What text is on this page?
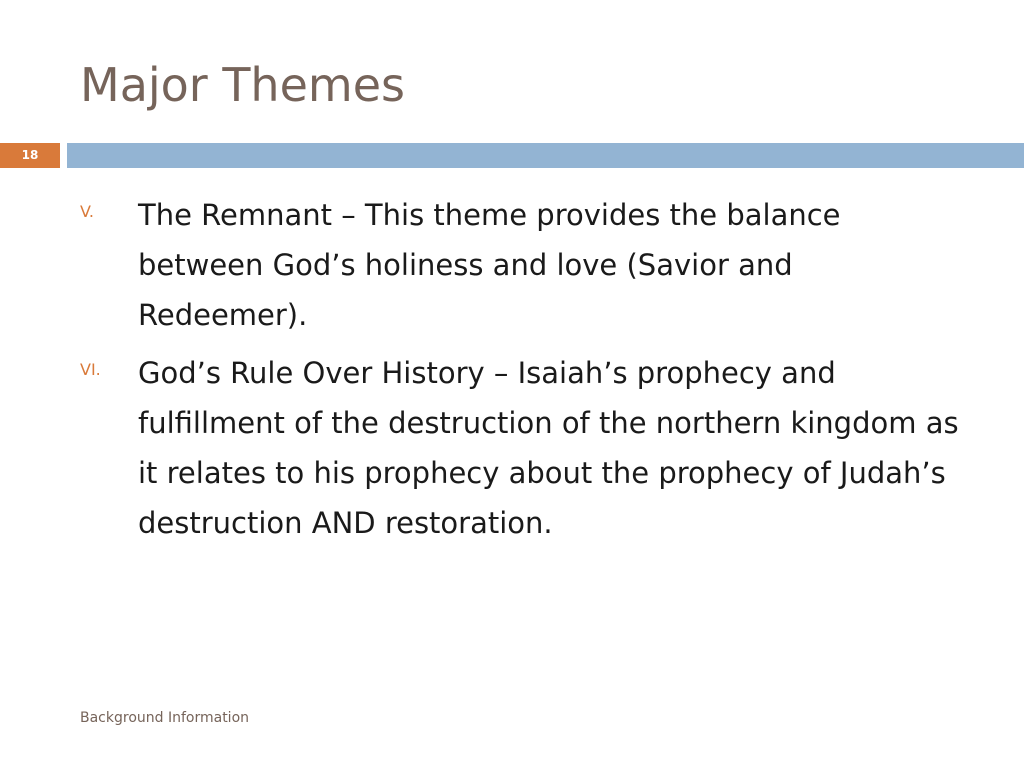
Major Themes
18
V. The Remnant – This theme provides the balance between God’s holiness and love (Savior and Redeemer).
VI. God’s Rule Over History – Isaiah’s prophecy and fulfillment of the destruction of the northern kingdom as it relates to his prophecy about the prophecy of Judah’s destruction AND restoration.
Background Information
